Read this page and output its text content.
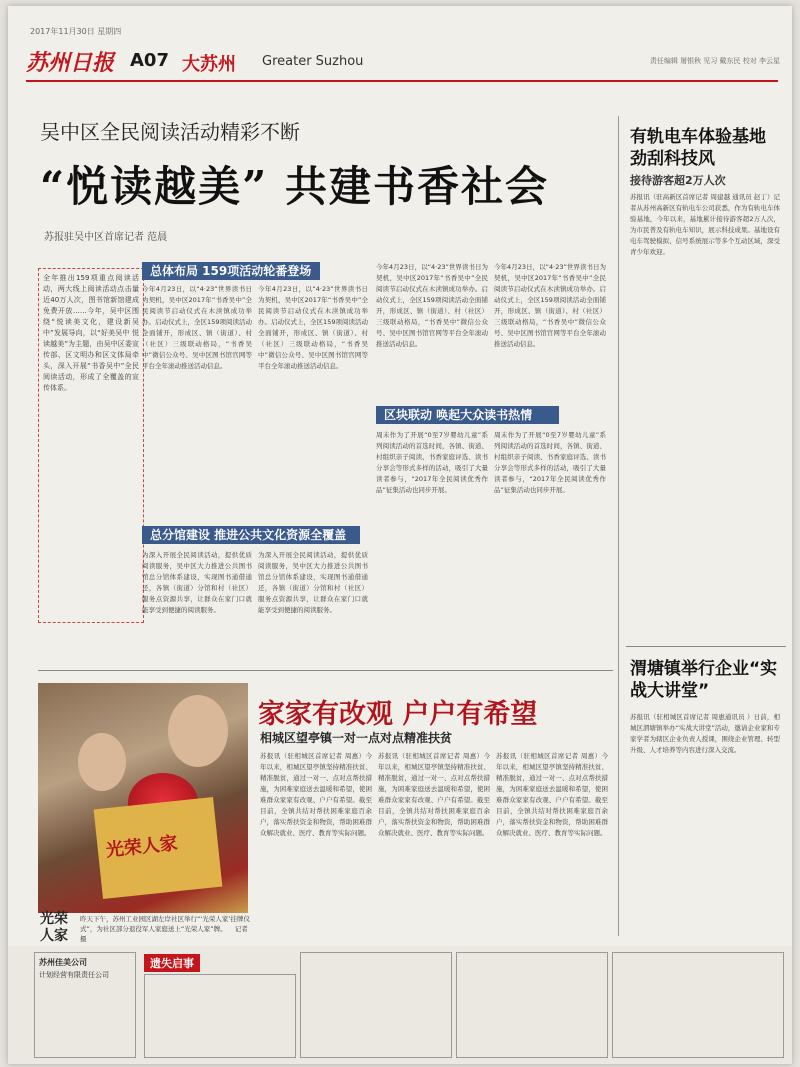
2017年11月30日 星期四
苏州日报 A07 大苏州 Greater Suzhou	责任编辑 屠银秋 见习 戴东民 校对 李云星
吴中区全民阅读活动精彩不断
“悦读越美” 共建书香社会
苏报驻吴中区首席记者 范晨
全年推出159项重点阅读活动，两大线上阅读活动点击量近40万人次，图书馆新馆建成免费开放……今年，吴中区围绕“悦读美文化，建设新吴中”发展导向，以“好美吴中 悦读越美”为主题，由吴中区委宣传部、区文明办和区文体局牵头，深入开展“书香吴中”全民阅读活动，形成了全覆盖的宣传体系。
总体布局 159项活动轮番登场
今年4月23日，以“4·23”世界读书日为契机，吴中区2017年“书香吴中”全民阅读节启动仪式在木渎镇成功举办。启动仪式上，全区159项阅读活动全面铺开，形成区、镇（街道）、村（社区）三级联动格局，“书香吴中”微信公众号、吴中区图书馆官网等平台全年滚动推送活动信息。
今年4月23日，以“4·23”世界读书日为契机，吴中区2017年“书香吴中”全民阅读节启动仪式在木渎镇成功举办。启动仪式上，全区159项阅读活动全面铺开，形成区、镇（街道）、村（社区）三级联动格局，“书香吴中”微信公众号、吴中区图书馆官网等平台全年滚动推送活动信息。
总分馆建设 推进公共文化资源全覆盖
为深入开展全民阅读活动，提供优质阅读服务，吴中区大力推进公共图书馆总分馆体系建设，实现图书通借通还，各镇（街道）分馆和村（社区）服务点资源共享，让群众在家门口就能享受到便捷的阅读服务。
为深入开展全民阅读活动，提供优质阅读服务，吴中区大力推进公共图书馆总分馆体系建设，实现图书通借通还，各镇（街道）分馆和村（社区）服务点资源共享，让群众在家门口就能享受到便捷的阅读服务。
今年4月23日，以“4·23”世界读书日为契机，吴中区2017年“书香吴中”全民阅读节启动仪式在木渎镇成功举办。启动仪式上，全区159项阅读活动全面铺开，形成区、镇（街道）、村（社区）三级联动格局，“书香吴中”微信公众号、吴中区图书馆官网等平台全年滚动推送活动信息。
今年4月23日，以“4·23”世界读书日为契机，吴中区2017年“书香吴中”全民阅读节启动仪式在木渎镇成功举办。启动仪式上，全区159项阅读活动全面铺开，形成区、镇（街道）、村（社区）三级联动格局，“书香吴中”微信公众号、吴中区图书馆官网等平台全年滚动推送活动信息。
区块联动 唤起大众读书热情
周末作为了开展“0至7岁婴幼儿童”系列阅读活动的首选时间，各镇、街道、村组织亲子阅读、书香家庭评选、读书分享会等形式多样的活动，吸引了大量读者参与，“2017年全民阅读优秀作品”征集活动也同步开展。
周末作为了开展“0至7岁婴幼儿童”系列阅读活动的首选时间，各镇、街道、村组织亲子阅读、书香家庭评选、读书分享会等形式多样的活动，吸引了大量读者参与，“2017年全民阅读优秀作品”征集活动也同步开展。
有轨电车体验基地劲刮科技风
接待游客超2万人次
苏报讯（驻高新区首席记者 周建越 通讯员 赵丁）记者从苏州高新区有轨电车公司获悉，作为有轨电车体验基地，今年以来，基地累计接待游客超2万人次，为市民普及有轨电车知识，展示科技成果。基地设有电车驾驶模拟、信号系统展示等多个互动区域，深受青少年欢迎。
渭塘镇举行企业“实战大讲堂”
苏报讯（驻相城区首席记者 周惠通讯员 ）日前，相城区渭塘镇举办“实战大讲堂”活动，邀请企业家和专家学者为辖区企业负责人授课，围绕企业管理、转型升级、人才培养等内容进行深入交流。
光荣人家
光荣人家
昨天下午，苏州工业园区湖左岸社区举行“‘光荣人家’挂牌仪式”，为社区部分退役军人家庭送上“光荣人家”牌。 记者 摄
家家有改观 户户有希望
相城区望亭镇一对一点对点精准扶贫
苏报讯（驻相城区首席记者 周惠）今年以来，相城区望亭镇坚持精准扶贫、精准脱贫，通过一对一、点对点帮扶措施，为困难家庭送去温暖和希望，使困难群众家家有改观、户户有希望。截至目前，全镇共结对帮扶困难家庭百余户，落实帮扶资金和物资，帮助困难群众解决就业、医疗、教育等实际问题。
苏报讯（驻相城区首席记者 周惠）今年以来，相城区望亭镇坚持精准扶贫、精准脱贫，通过一对一、点对点帮扶措施，为困难家庭送去温暖和希望，使困难群众家家有改观、户户有希望。截至目前，全镇共结对帮扶困难家庭百余户，落实帮扶资金和物资，帮助困难群众解决就业、医疗、教育等实际问题。
苏报讯（驻相城区首席记者 周惠）今年以来，相城区望亭镇坚持精准扶贫、精准脱贫，通过一对一、点对点帮扶措施，为困难家庭送去温暖和希望，使困难群众家家有改观、户户有希望。截至目前，全镇共结对帮扶困难家庭百余户，落实帮扶资金和物资，帮助困难群众解决就业、医疗、教育等实际问题。
苏州佳美公司
计划经营有限责任公司
遗失启事
